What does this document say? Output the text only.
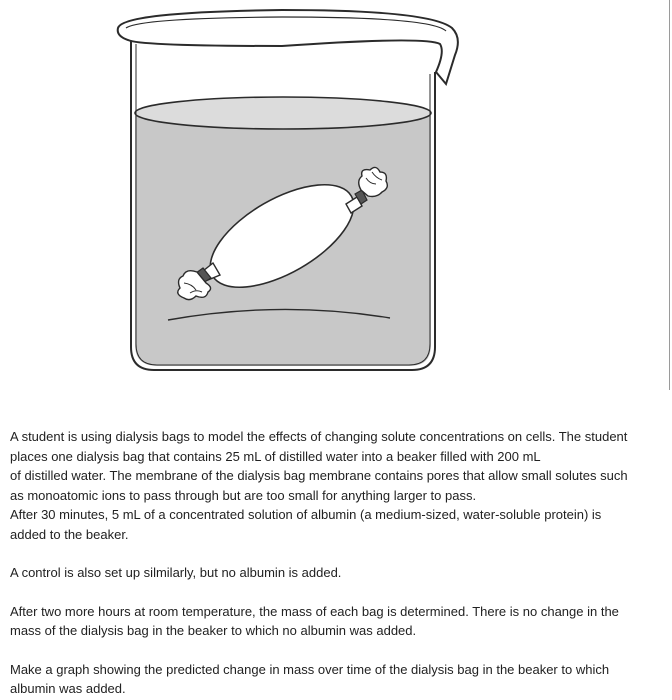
A student is using dialysis bags to model the effects of changing solute concentrations on cells. The student
places one dialysis bag that contains 25 mL of distilled water into a beaker filled with 200 mL
of distilled water. The membrane of the dialysis bag membrane contains pores that allow small solutes such
as monoatomic ions to pass through but are too small for anything larger to pass.
After 30 minutes, 5 mL of a concentrated solution of albumin (a medium-sized, water-soluble protein) is
added to the beaker.

A control is also set up silmilarly, but no albumin is added.

After two more hours at room temperature, the mass of each bag is determined. There is no change in the
mass of the dialysis bag in the beaker to which no albumin was added.

Make a graph showing the predicted change in mass over time of the dialysis bag in the beaker to which
albumin was added.
